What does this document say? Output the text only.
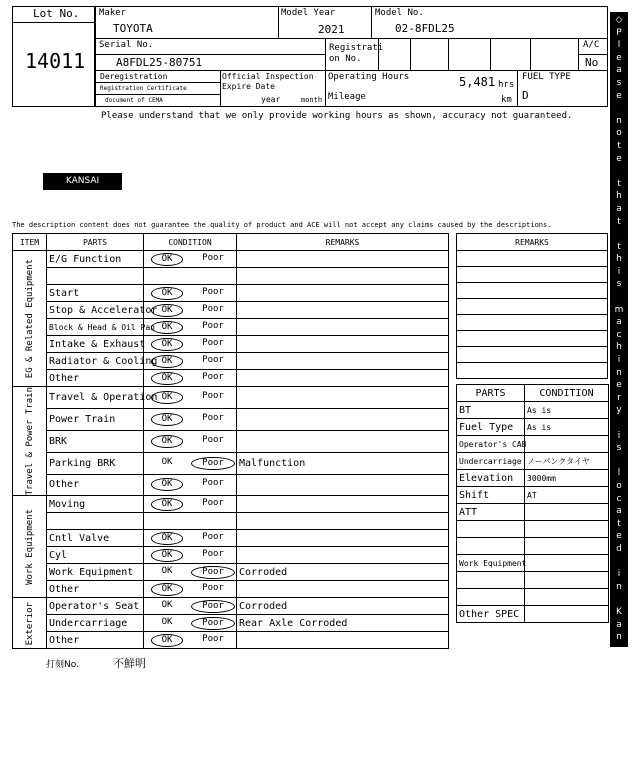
Lot No.
14011
Maker
TOYOTA
Model Year
2021
Model No.
02-8FDL25
Serial No.
A8FDL25-80751
Registrati on No.
A/C
No
Deregistration
Registration Certificate
document of CEMA
Official Inspection Expire Date
year	month
Operating Hours	5,481 hrs
Mileage	km
FUEL TYPE
D
Please understand that we only provide working hours as shown, accuracy not guaranteed.
KANSAI
The description content does not guarantee the quality of product and ACE will not accept any claims caused by the descriptions.
ITEM	PARTS	CONDITION	REMARKS

EG & Related Equipment	E/G Function	OK Poor	

	Start	OK Poor	

	Stop & Accelerator	OK Poor	

	Block & Head & Oil Pan	OK Poor	

	Intake & Exhaust	OK Poor	

	Radiator & Cooling	OK Poor	

	Other	OK Poor	

Travel & Power Train	Travel & Operation	OK Poor	

	Power Train	OK Poor	

	BRK	OK Poor	

	Parking BRK	OK Poor	Malfunction
	Other	OK Poor	

Work Equipment	Moving	OK Poor	

	Cntl Valve	OK Poor	

	Cyl	OK Poor	

	Work Equipment	OK Poor	Corroded
	Other	OK Poor	

Exterior	Operator's Seat	OK Poor	Corroded
	Undercarriage	OK Poor	Rear Axle Corroded
	Other	OK Poor	

REMARKS

PARTS	CONDITION
BT	As is
Fuel Type	As is
Operator's CAB	
Undercarriage	ノーパンクタイヤ
Elevation	3000mm
Shift	AT
ATT	

Work Equipment	

Other SPEC	
打刻No.	不鮮明
◇
P
l
e
a
s
e

n
o
t
e

t
h
a
t

t
h
i
s

m
a
c
h
i
n
e
r
y

i
s

l
o
c
a
t
e
d

i
n

K
a
n
s
a
i

Y
a
r
d
◇
